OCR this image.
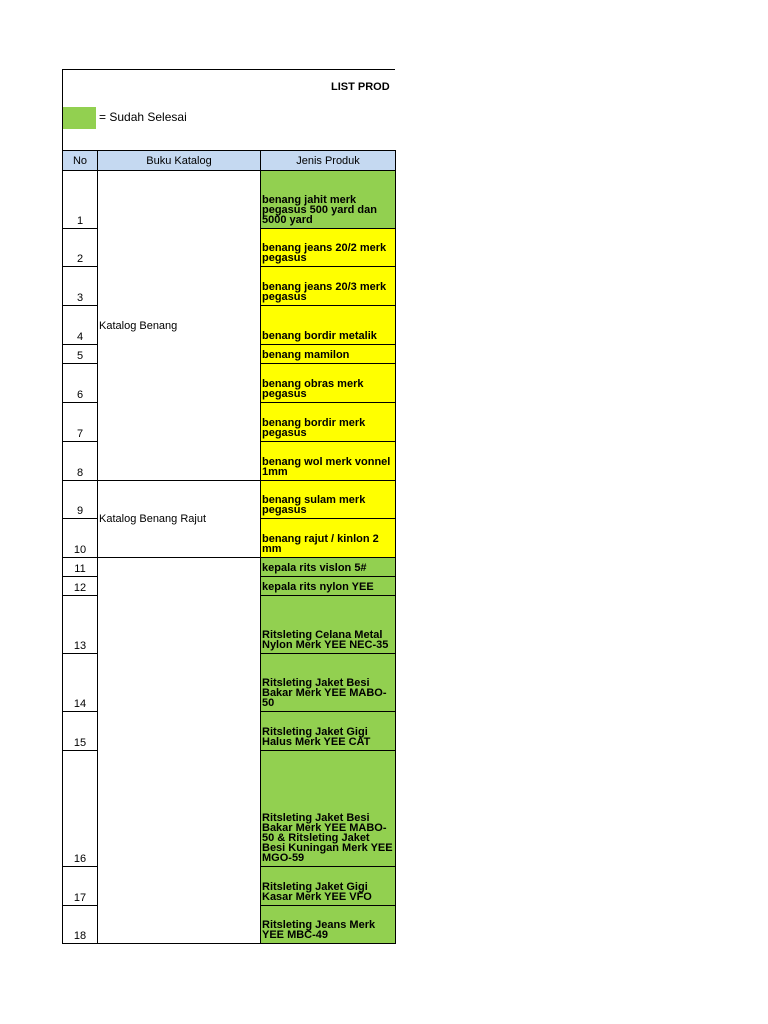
LIST PROD
= Sudah Selesai
No	Buku Katalog	Jenis Produk
1	Katalog Benang	benang jahit merk pegasus 500 yard dan 5000 yard
2		benang jeans 20/2 merk pegasus
3		benang jeans 20/3 merk pegasus
4		benang bordir metalik
5		benang mamilon
6		benang obras merk pegasus
7		benang bordir merk pegasus
8		benang wol merk vonnel 1mm
9	Katalog Benang Rajut	benang sulam merk pegasus
10		benang rajut / kinlon 2 mm
11		kepala rits vislon 5#
12		kepala rits nylon YEE
13		Ritsleting Celana Metal Nylon Merk YEE NEC-35
14		Ritsleting Jaket Besi Bakar Merk YEE MABO-50
15		Ritsleting Jaket Gigi Halus Merk YEE CAT
16		Ritsleting Jaket Besi Bakar Merk YEE MABO-50 & Ritsleting Jaket Besi Kuningan Merk YEE MGO-59
17		Ritsleting Jaket Gigi Kasar Merk YEE VFO
18		Ritsleting Jeans Merk YEE MBC-49
